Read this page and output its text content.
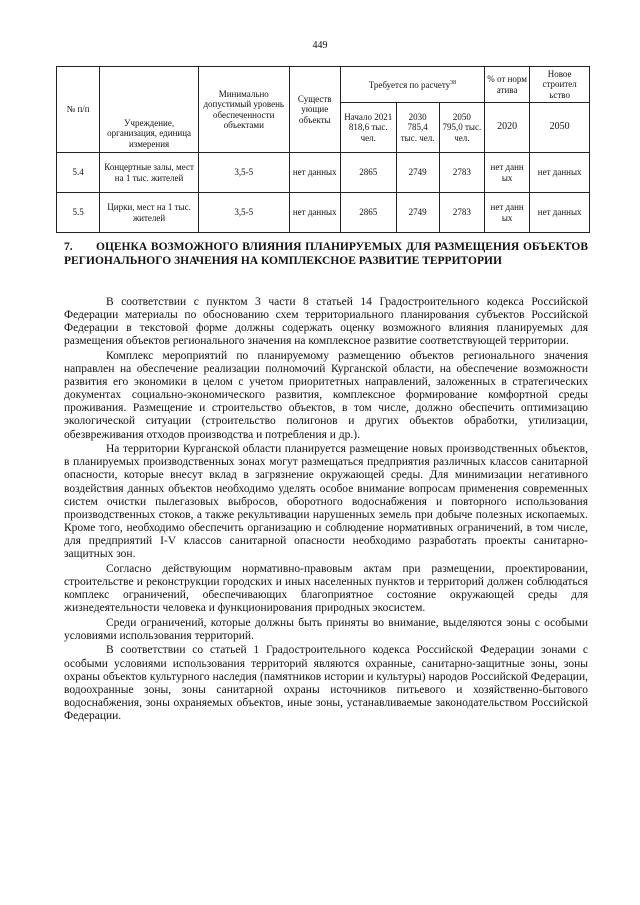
449
№ п/п	Учреждение, организация, единица измерения	Минимально допустимый уровень обеспеченности объектами	Существ ующие объекты	Требуется по расчету$^{38}$			% от норм атива	Новое строител ьство
				Начало 2021 818,6 тыс. чел.	2030 785,4 тыс. чел.	2050 795,0 тыс. чел.	2020	2050
5.4	Концертные залы, мест на 1 тыс. жителей	3,5-5	нет данных	2865	2749	2783	нет данн ых	нет данных
5.5	Цирки, мест на 1 тыс. жителей	3,5-5	нет данных	2865	2749	2783	нет данн ых	нет данных
7. ОЦЕНКА ВОЗМОЖНОГО ВЛИЯНИЯ ПЛАНИРУЕМЫХ ДЛЯ РАЗМЕЩЕНИЯ ОБЪЕКТОВ РЕГИОНАЛЬНОГО ЗНАЧЕНИЯ НА КОМПЛЕКСНОЕ РАЗВИТИЕ ТЕРРИТОРИИ

В соответствии с пунктом 3 части 8 статьей 14 Градостроительного кодекса Российской Федерации материалы по обоснованию схем территориального планирования субъектов Российской Федерации в текстовой форме должны содержать оценку возможного влияния планируемых для размещения объектов регионального значения на комплексное развитие соответствующей территории.

Комплекс мероприятий по планируемому размещению объектов регионального значения направлен на обеспечение реализации полномочий Курганской области, на обеспечение возможности развития его экономики в целом с учетом приоритетных направлений, заложенных в стратегических документах социально-экономического развития, комплексное формирование комфортной среды проживания. Размещение и строительство объектов, в том числе, должно обеспечить оптимизацию экологической ситуации (строительство полигонов и других объектов обработки, утилизации, обезвреживания отходов производства и потребления и др.).

На территории Курганской области планируется размещение новых производственных объектов, в планируемых производственных зонах могут размещаться предприятия различных классов санитарной опасности, которые внесут вклад в загрязнение окружающей среды. Для минимизации негативного воздействия данных объектов необходимо уделять особое внимание вопросам применения современных систем очистки пылегазовых выбросов, оборотного водоснабжения и повторного использования производственных стоков, а также рекультивации нарушенных земель при добыче полезных ископаемых. Кроме того, необходимо обеспечить организацию и соблюдение нормативных ограничений, в том числе, для предприятий I-V классов санитарной опасности необходимо разработать проекты санитарно-защитных зон.

Согласно действующим нормативно-правовым актам при размещении, проектировании, строительстве и реконструкции городских и иных населенных пунктов и территорий должен соблюдаться комплекс ограничений, обеспечивающих благоприятное состояние окружающей среды для жизнедеятельности человека и функционирования природных экосистем.

Среди ограничений, которые должны быть приняты во внимание, выделяются зоны с особыми условиями использования территорий.

В соответствии со статьей 1 Градостроительного кодекса Российской Федерации зонами с особыми условиями использования территорий являются охранные, санитарно-защитные зоны, зоны охраны объектов культурного наследия (памятников истории и культуры) народов Российской Федерации, водоохранные зоны, зоны санитарной охраны источников питьевого и хозяйственно-бытового водоснабжения, зоны охраняемых объектов, иные зоны, устанавливаемые законодательством Российской Федерации.
